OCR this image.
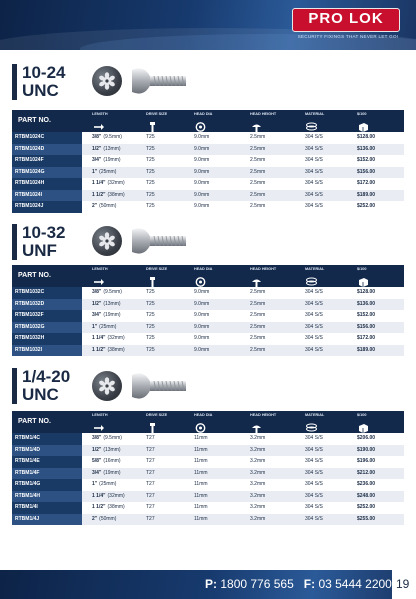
PRO LOK
SECURITY FIXINGS THAT NEVER LET GO!
10-24
UNC
PART NO.
LENGTH	DRIVE SIZE	HEAD DIA	HEAD HEIGHT	MATERIAL	$/100
RTBM1024C	3/8" (9.5mm)	T25	9.0mm	2.5mm	304 S/S	$128.00
RTBM1024D	1/2" (13mm)	T25	9.0mm	2.5mm	304 S/S	$136.00
RTBM1024F	3/4" (19mm)	T25	9.0mm	2.5mm	304 S/S	$152.00
RTBM1024G	1" (25mm)	T25	9.0mm	2.5mm	304 S/S	$156.00
RTBM1024H	1 1/4" (32mm)	T25	9.0mm	2.5mm	304 S/S	$172.00
RTBM1024I	1 1/2" (38mm)	T25	9.0mm	2.5mm	304 S/S	$189.00
RTBM1024J	2" (50mm)	T25	9.0mm	2.5mm	304 S/S	$252.00
10-32
UNF
PART NO.
LENGTH	DRIVE SIZE	HEAD DIA	HEAD HEIGHT	MATERIAL	$/100
RTBM1032C	3/8" (9.5mm)	T25	9.0mm	2.5mm	304 S/S	$128.00
RTBM1032D	1/2" (13mm)	T25	9.0mm	2.5mm	304 S/S	$136.00
RTBM1032F	3/4" (19mm)	T25	9.0mm	2.5mm	304 S/S	$152.00
RTBM1032G	1" (25mm)	T25	9.0mm	2.5mm	304 S/S	$156.00
RTBM1032H	1 1/4" (32mm)	T25	9.0mm	2.5mm	304 S/S	$172.00
RTBM1032I	1 1/2" (38mm)	T25	9.0mm	2.5mm	304 S/S	$189.00
1/4-20
UNC
PART NO.
LENGTH	DRIVE SIZE	HEAD DIA	HEAD HEIGHT	MATERIAL	$/100
RTBM1/4C	3/8" (9.5mm)	T27	11mm	3.2mm	304 S/S	$206.00
RTBM1/4D	1/2" (13mm)	T27	11mm	3.2mm	304 S/S	$190.00
RTBM1/4E	5/8" (16mm)	T27	11mm	3.2mm	304 S/S	$196.00
RTBM1/4F	3/4" (19mm)	T27	11mm	3.2mm	304 S/S	$212.00
RTBM1/4G	1" (25mm)	T27	11mm	3.2mm	304 S/S	$236.00
RTBM1/4H	1 1/4" (32mm)	T27	11mm	3.2mm	304 S/S	$248.00
RTBM1/4I	1 1/2" (38mm)	T27	11mm	3.2mm	304 S/S	$252.00
RTBM1/4J	2" (50mm)	T27	11mm	3.2mm	304 S/S	$255.00
P: 1800 776 565 F: 03 5444 2200 19
